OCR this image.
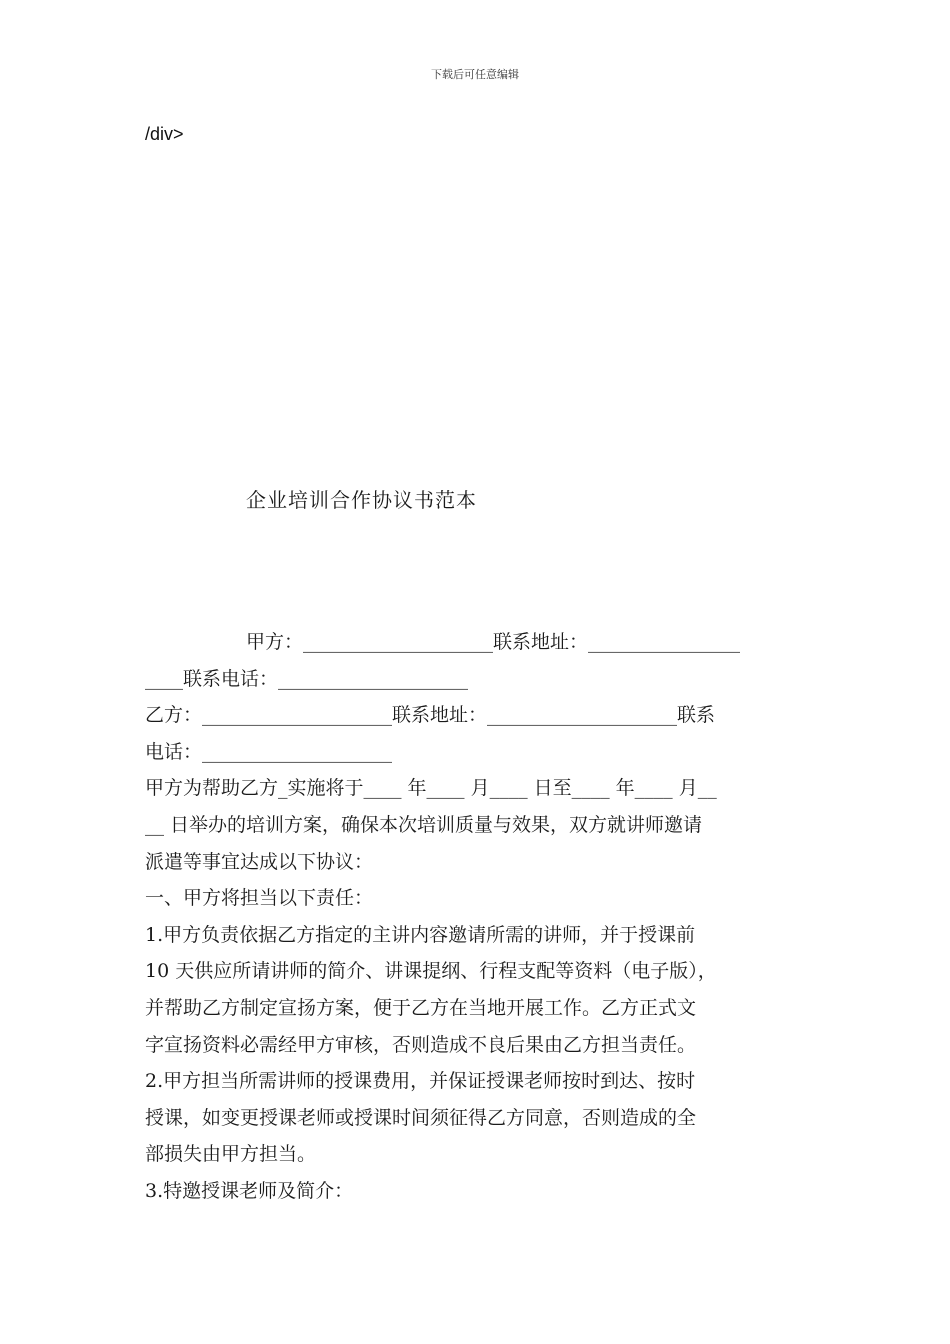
下载后可任意编辑
/div>
企业培训合作协议书范本

甲方：____________________联系地址：________________

____联系电话：____________________

乙方：____________________联系地址：____________________联系

电话：____________________

甲方为帮助乙方_实施将于____ 年____ 月____ 日至____ 年____ 月__

__ 日举办的培训方案，确保本次培训质量与效果，双方就讲师邀请

派遣等事宜达成以下协议：

一、甲方将担当以下责任：

1.甲方负责依据乙方指定的主讲内容邀请所需的讲师，并于授课前

10 天供应所请讲师的简介、讲课提纲、行程支配等资料（电子版），

并帮助乙方制定宣扬方案，便于乙方在当地开展工作。乙方正式文

字宣扬资料必需经甲方审核，否则造成不良后果由乙方担当责任。

2.甲方担当所需讲师的授课费用，并保证授课老师按时到达、按时

授课，如变更授课老师或授课时间须征得乙方同意，否则造成的全

部损失由甲方担当。

3.特邀授课老师及简介：
